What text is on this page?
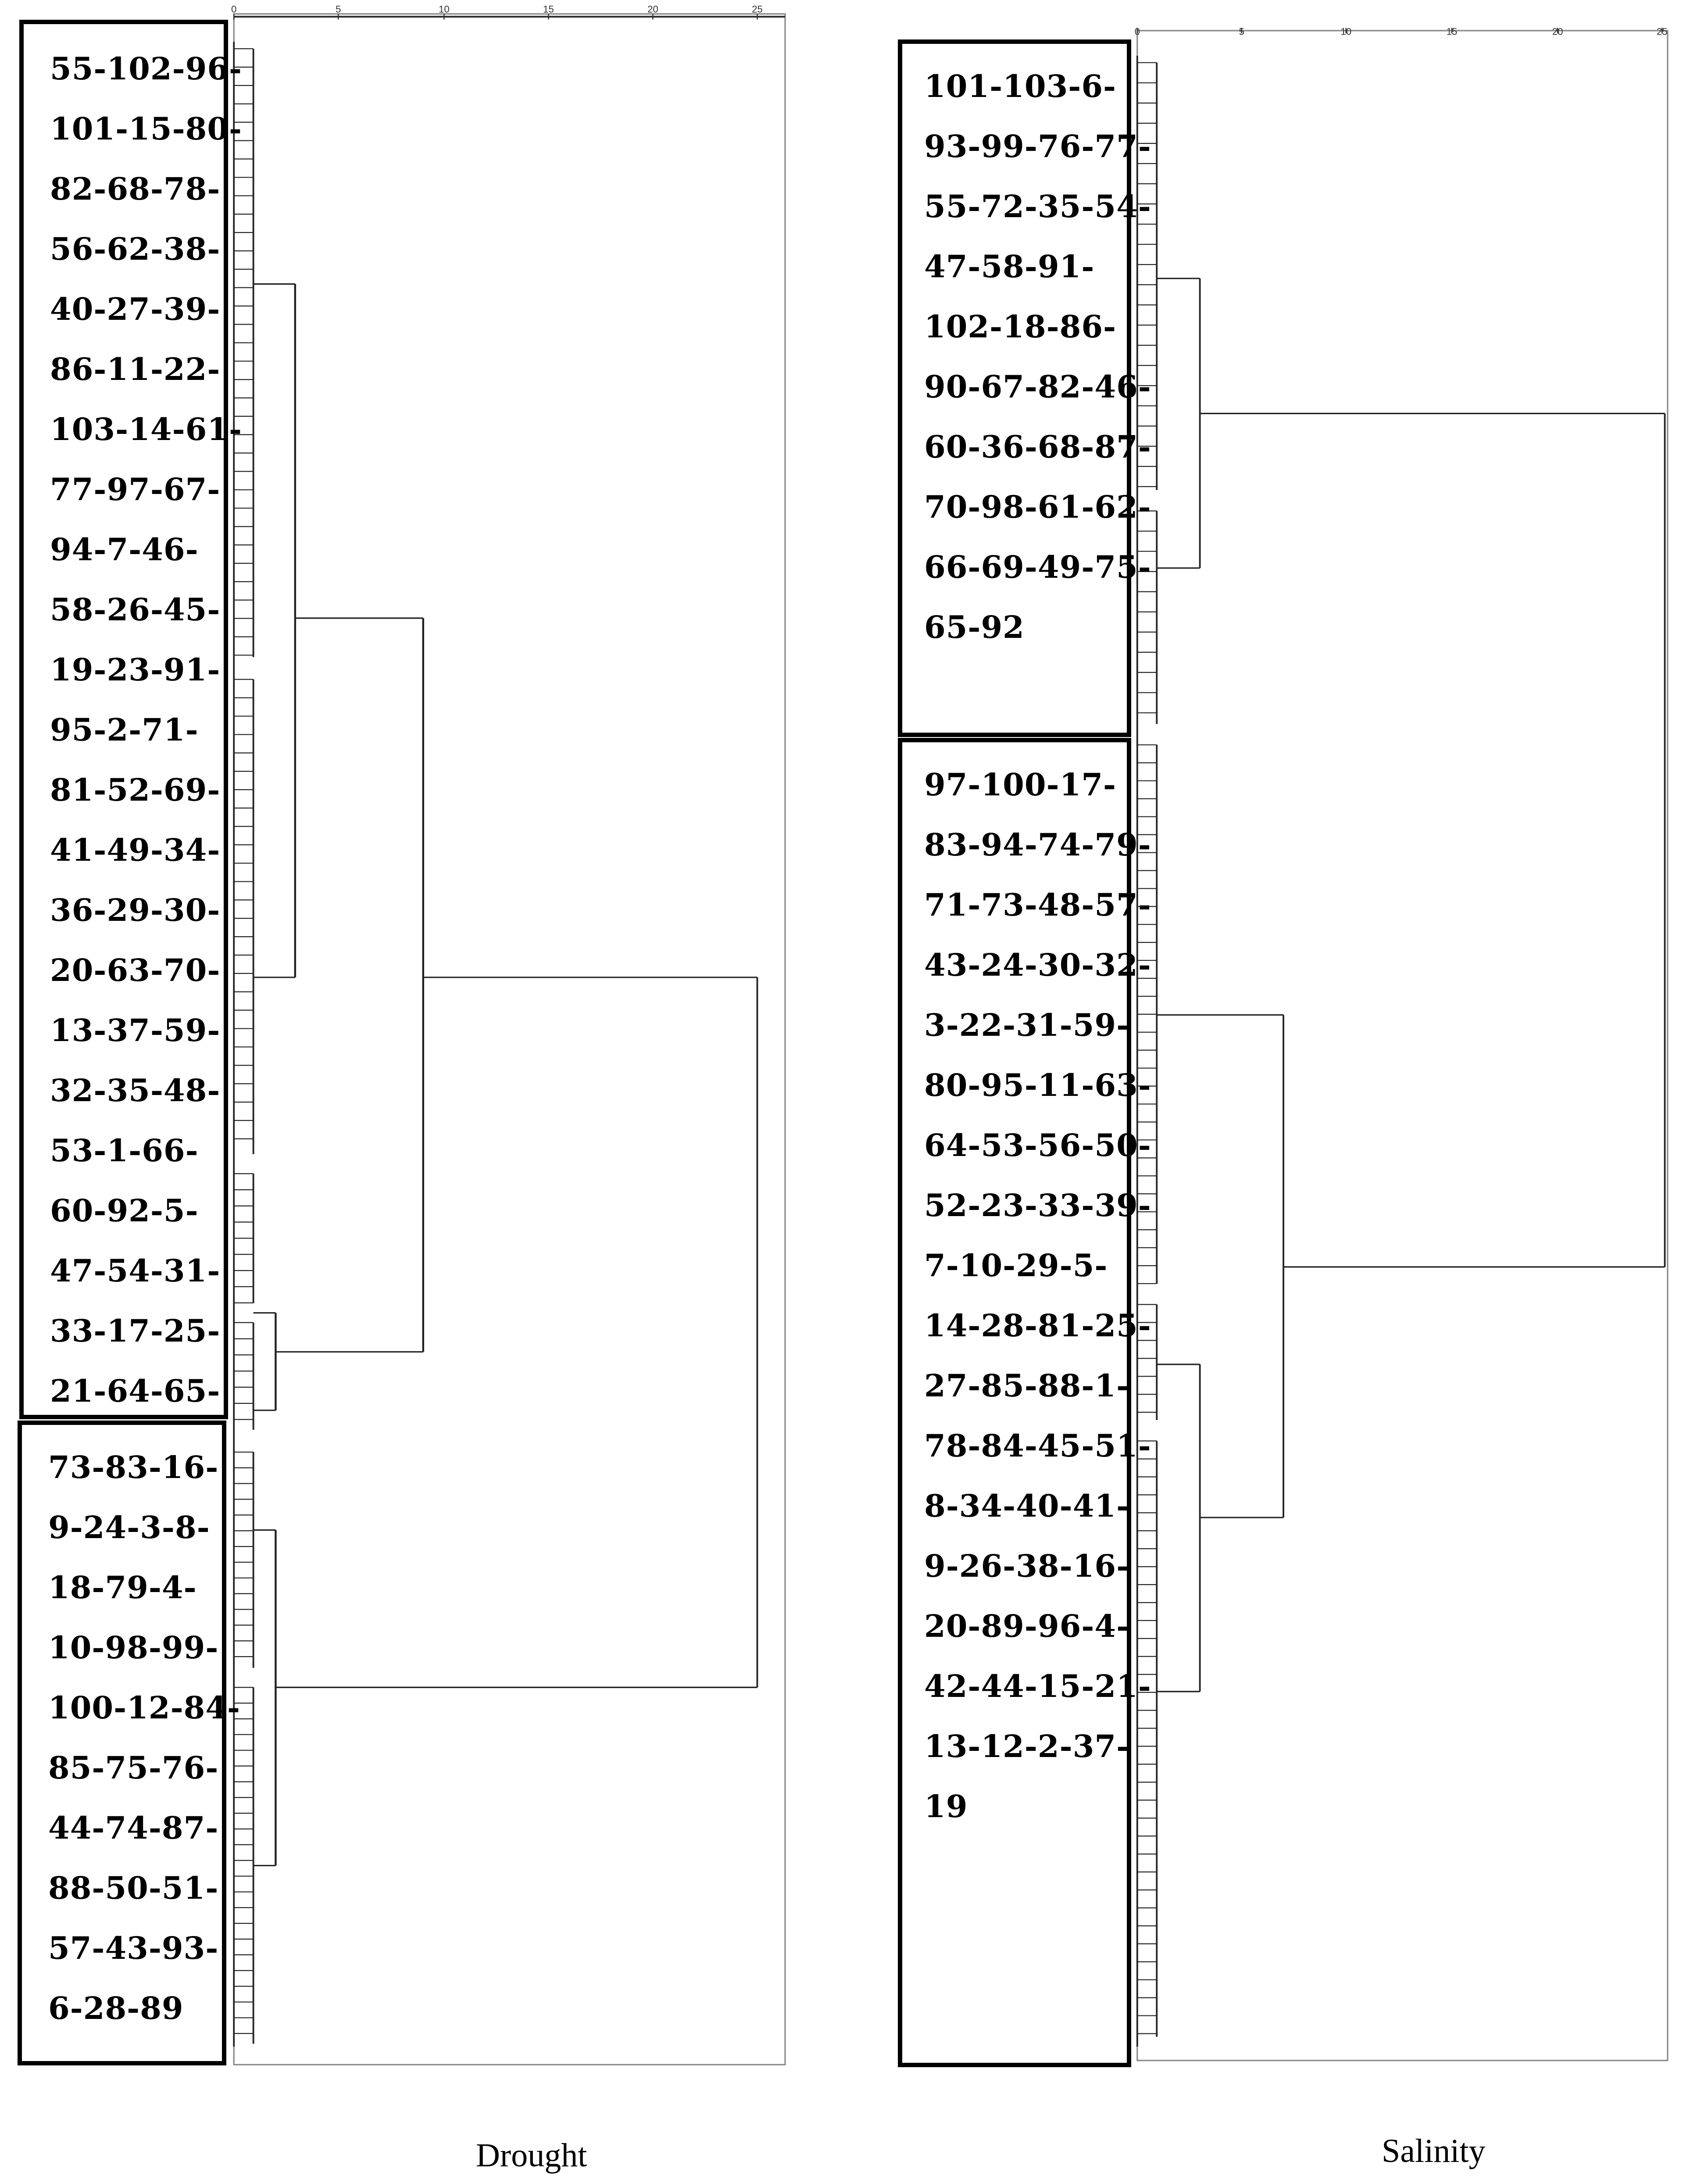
0	5	10	15	20	25
0	5	10	15	20	25
55-102-96-
101-15-80-
82-68-78-
56-62-38-
40-27-39-
86-11-22-
103-14-61-
77-97-67-
94-7-46-
58-26-45-
19-23-91-
95-2-71-
81-52-69-
41-49-34-
36-29-30-
20-63-70-
13-37-59-
32-35-48-
53-1-66-
60-92-5-
47-54-31-
33-17-25-
21-64-65-
73-83-16-
9-24-3-8-
18-79-4-
10-98-99-
100-12-84-
85-75-76-
44-74-87-
88-50-51-
57-43-93-
6-28-89
101-103-6-
93-99-76-77-
55-72-35-54-
47-58-91-
102-18-86-
90-67-82-46-
60-36-68-87-
70-98-61-62-
66-69-49-75-
65-92
97-100-17-
83-94-74-79-
71-73-48-57-
43-24-30-32-
3-22-31-59-
80-95-11-63-
64-53-56-50-
52-23-33-39-
7-10-29-5-
14-28-81-25-
27-85-88-1-
78-84-45-51-
8-34-40-41-
9-26-38-16-
20-89-96-4-
42-44-15-21-
13-12-2-37-
19
Drought	Salinity
